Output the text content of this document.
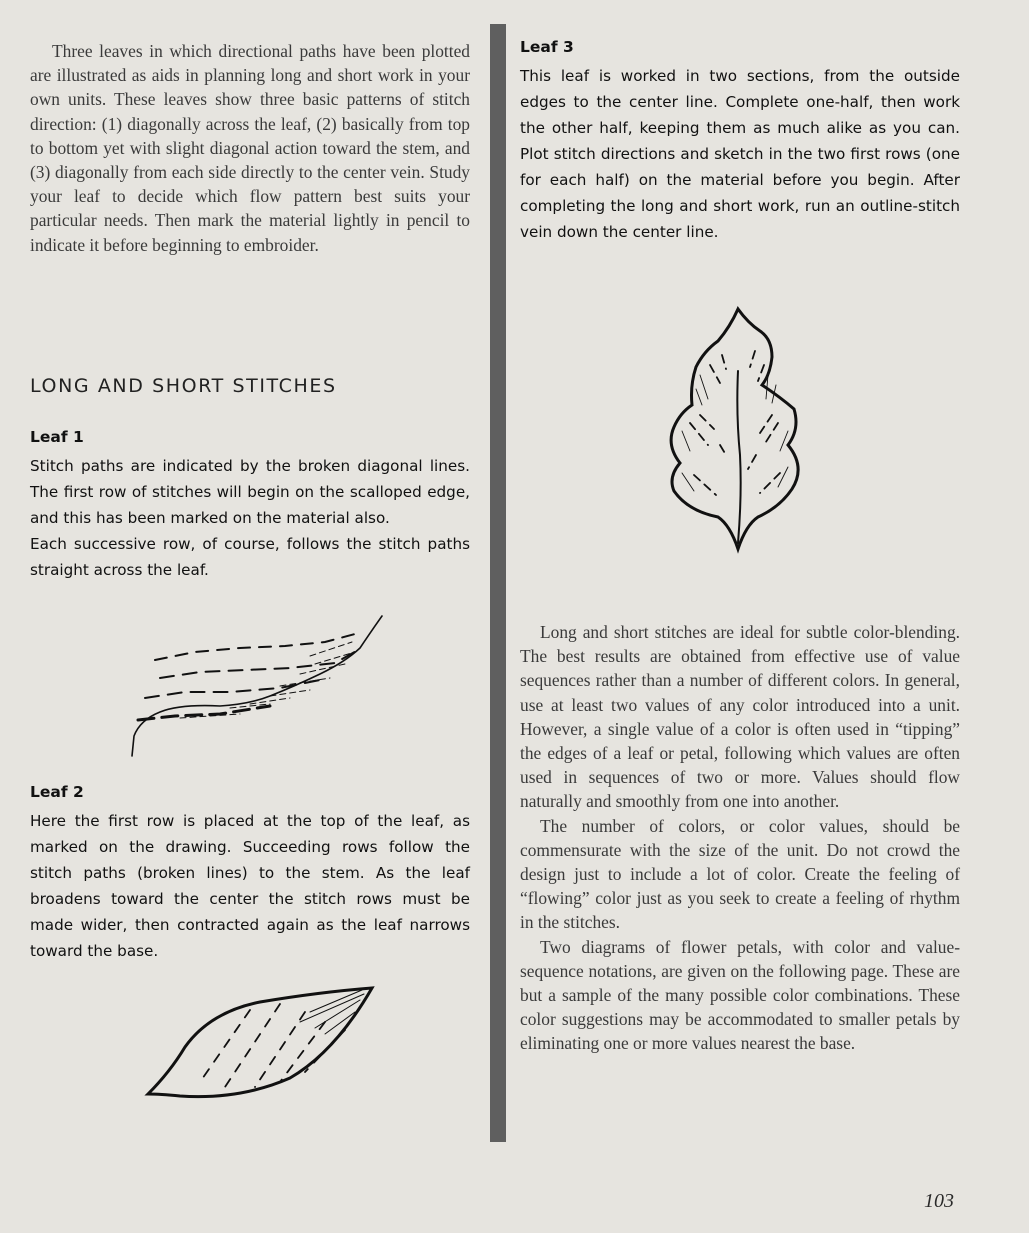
Three leaves in which directional paths have been plotted are illustrated as aids in planning long and short work in your own units. These leaves show three basic patterns of stitch direction: (1) diagonally across the leaf, (2) basically from top to bottom yet with slight diagonal action toward the stem, and (3) diagonally from each side directly to the center vein. Study your leaf to decide which flow pattern best suits your particular needs. Then mark the material lightly in pencil to indicate it before beginning to embroider.

LONG AND SHORT STITCHES
Leaf 1
Stitch paths are indicated by the broken diagonal lines. The first row of stitches will begin on the scalloped edge, and this has been marked on the material also.
Each successive row, of course, follows the stitch paths straight across the leaf.
Leaf 2

Here the first row is placed at the top of the leaf, as marked on the drawing. Succeeding rows follow the stitch paths (broken lines) to the stem. As the leaf broadens toward the center the stitch rows must be made wider, then contracted again as the leaf narrows toward the base.

Leaf 3

This leaf is worked in two sections, from the outside edges to the center line. Complete one-half, then work the other half, keeping them as much alike as you can. Plot stitch directions and sketch in the two first rows (one for each half) on the material before you begin. After completing the long and short work, run an outline-stitch vein down the center line.

Long and short stitches are ideal for subtle color-blending. The best results are obtained from effective use of value sequences rather than a number of different colors. In general, use at least two values of any color introduced into a unit. However, a single value of a color is often used in “tipping” the edges of a leaf or petal, following which values are often used in sequences of two or more. Values should flow naturally and smoothly from one into another.

The number of colors, or color values, should be commensurate with the size of the unit. Do not crowd the design just to include a lot of color. Create the feeling of “flowing” color just as you seek to create a feeling of rhythm in the stitches.

Two diagrams of flower petals, with color and value-sequence notations, are given on the following page. These are but a sample of the many possible color combinations. These color suggestions may be accommodated to smaller petals by eliminating one or more values nearest the base.

103
